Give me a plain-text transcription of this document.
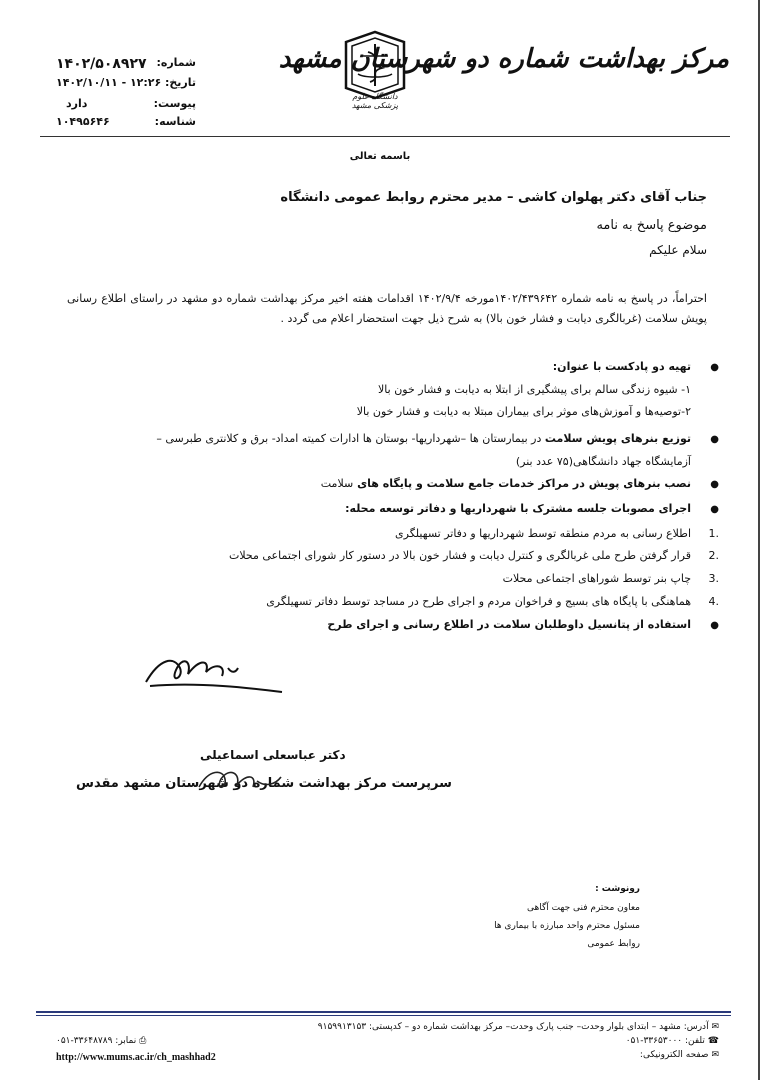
مرکز بهداشت شماره دو شهرستان مشهد
دانشگاه علوم پزشکی مشهد
۱۴۰۲/۵۰۸۹۲۷ شماره:
۱۴۰۲/۱۰/۱۱ - ۱۲:۲۶ تاریخ:
دارد	پیوست:
۱۰۴۹۵۶۴۶	شناسه:
باسمه تعالی
جناب آقای دکتر پهلوان کاشی – مدیر محترم روابط عمومی دانشگاه
موضوع پاسخ به نامه
سلام علیکم
احتراماً، در پاسخ به نامه شماره ۱۴۰۲/۴۳۹۶۴۲مورخه ۱۴۰۲/۹/۴ اقدامات هفته اخیر مرکز بهداشت شماره دو مشهد در راستای اطلاع رسانی پویش سلامت (غربالگری دیابت و فشار خون بالا) به شرح ذیل جهت استحضار اعلام می گردد .
●
تهیه دو پادکست با عنوان:
۱- شیوه زندگی سالم برای پیشگیری از ابتلا به دیابت و فشار خون بالا
۲-توصیه‌ها و آموزش‌های موثر برای بیماران مبتلا به دیابت و فشار خون بالا
●
توزیع بنرهای پویش سلامت در بیمارستان ها –شهرداریها- بوستان ها ادارات کمیته امداد- برق و کلانتری طبرسی –
آزمایشگاه جهاد دانشگاهی(۷۵ عدد بنر)
●
نصب بنرهای پویش در مراکز خدمات جامع سلامت و پایگاه های سلامت
●
اجرای مصوبات جلسه مشترک با شهرداریها و دفاتر توسعه محله:
.1
اطلاع رسانی به مردم منطقه توسط شهرداریها و دفاتر تسهیلگری
.2
قرار گرفتن طرح ملی غربالگری و کنترل دیابت و فشار خون بالا در دستور کار شورای اجتماعی محلات
.3
چاپ بنر توسط شوراهای اجتماعی محلات
.4
هماهنگی با پایگاه های بسیج و فراخوان مردم و اجرای طرح در مساجد توسط دفاتر تسهیلگری
●
استفاده از پتانسیل داوطلبان سلامت در اطلاع رسانی و اجرای طرح
دکتر عباسعلی اسماعیلی
سرپرست مرکز بهداشت شماره دو شهرستان مشهد مقدس
رونوشت :
معاون محترم فنی جهت آگاهی
مسئول محترم واحد مبارزه با بیماری ها
روابط عمومی
✉ آدرس: مشهد – ابتدای بلوار وحدت– جنب پارک وحدت– مرکز بهداشت شماره دو – کدپستی: ۹۱۵۹۹۱۳۱۵۳
☎ تلفن: ۳۳۶۵۳۰۰۰-۰۵۱
✉ صفحه الکترونیکی:
⎙ نمابر: ۳۳۶۴۸۷۸۹-۰۵۱
http://www.mums.ac.ir/ch_mashhad2
